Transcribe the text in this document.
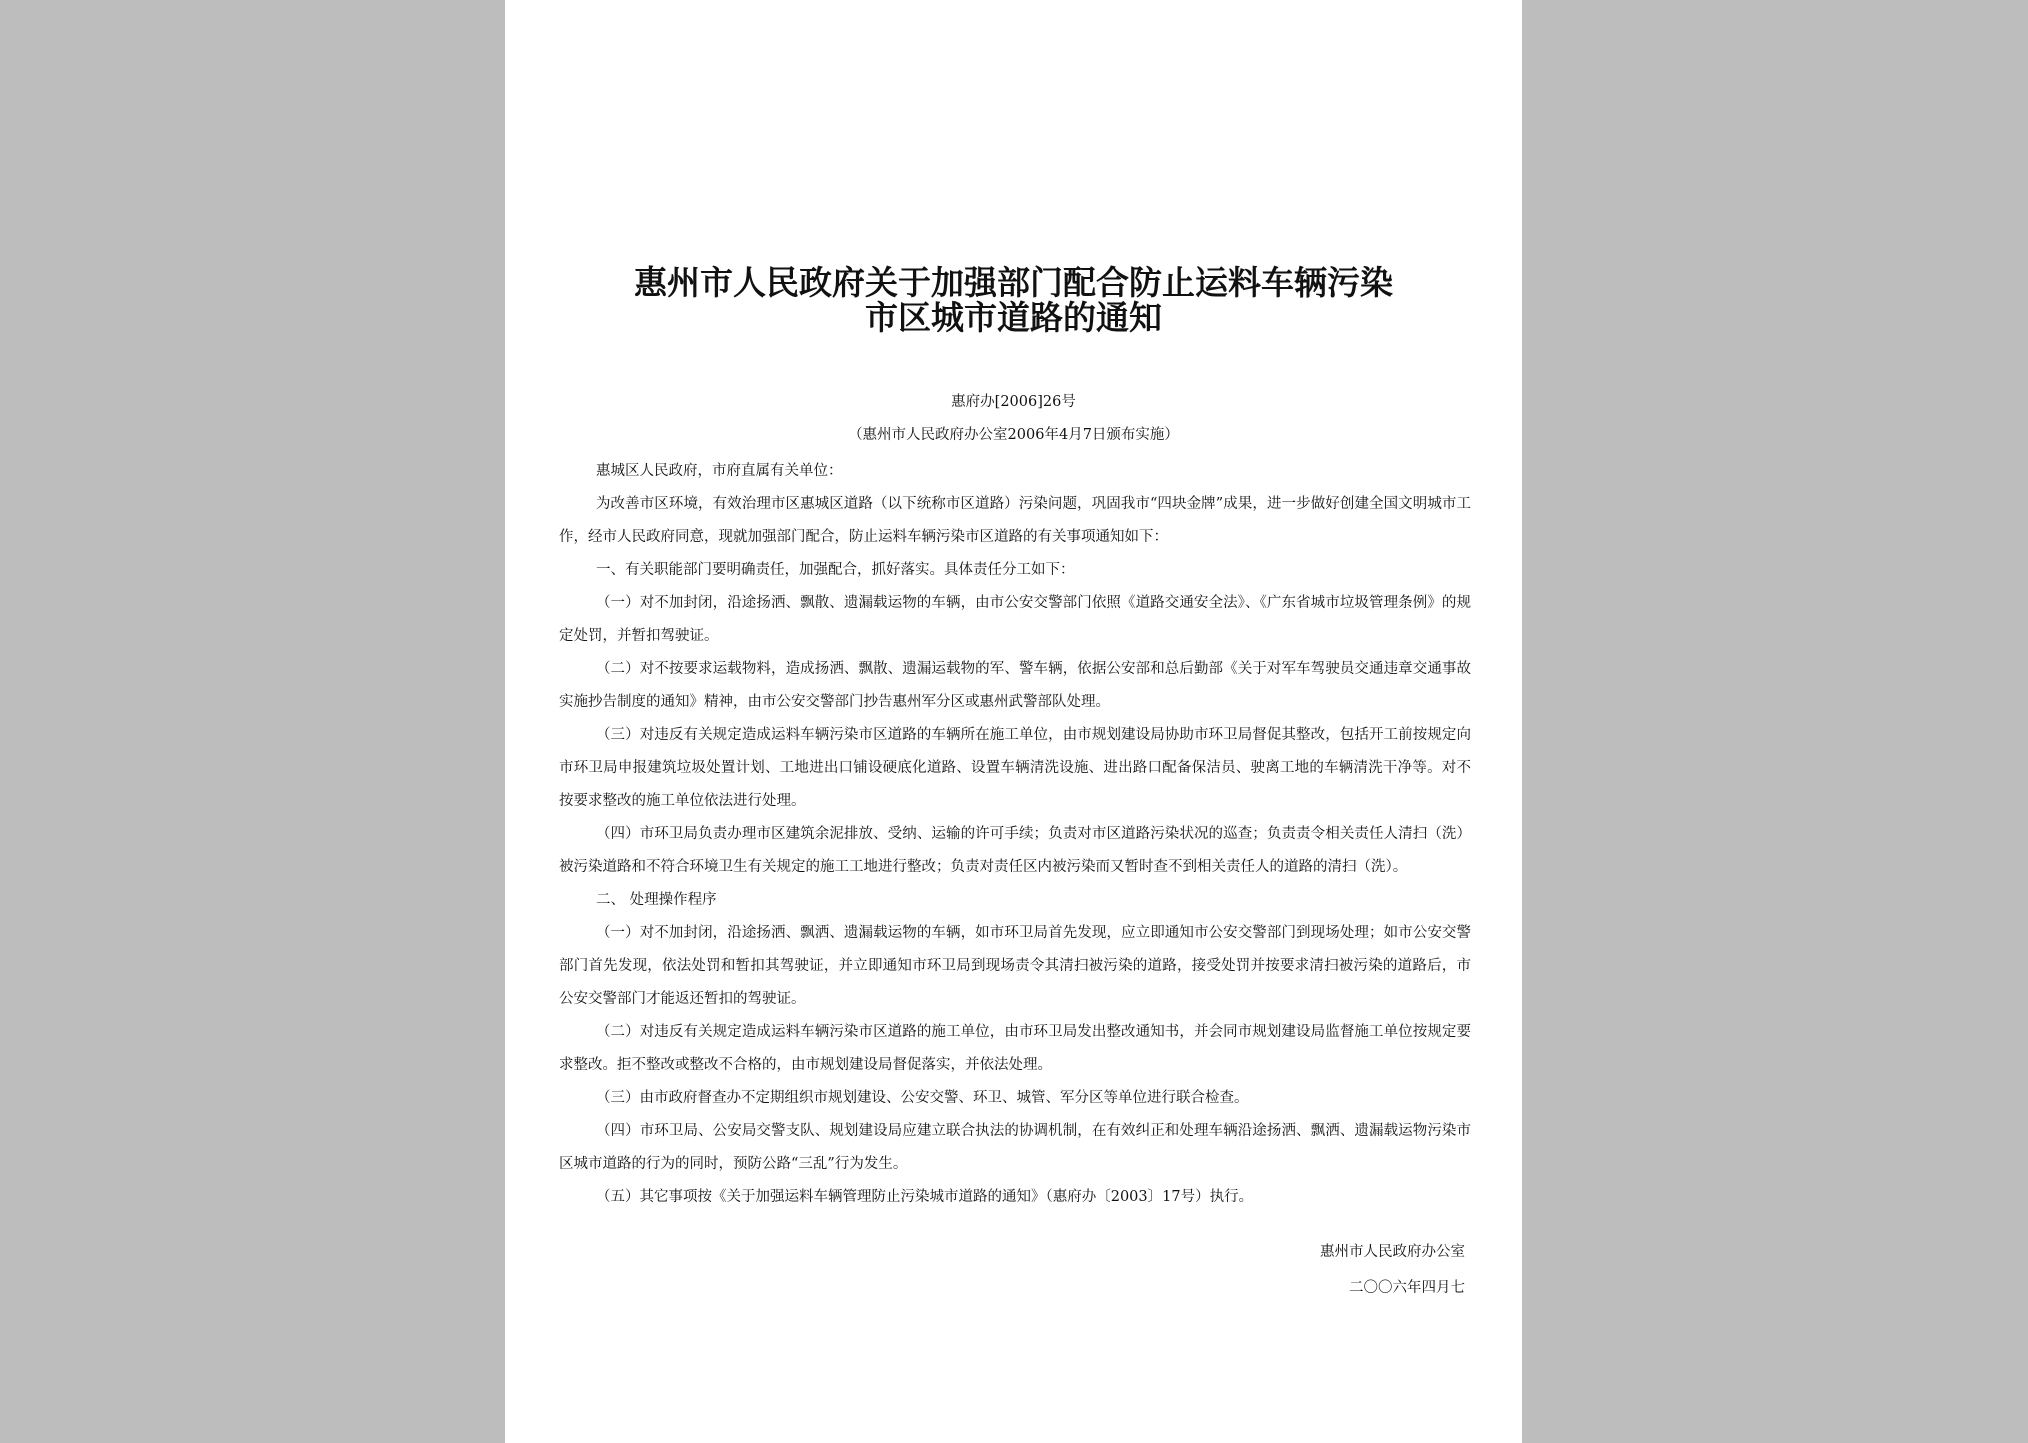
惠州市人民政府关于加强部门配合防止运料车辆污染
市区城市道路的通知
惠府办[2006]26号
（惠州市人民政府办公室2006年4月7日颁布实施）

惠城区人民政府，市府直属有关单位：

为改善市区环境，有效治理市区惠城区道路（以下统称市区道路）污染问题，巩固我市“四块金牌”成果，进一步做好创建全国文明城市工作，经市人民政府同意，现就加强部门配合，防止运料车辆污染市区道路的有关事项通知如下：

一、有关职能部门要明确责任，加强配合，抓好落实。具体责任分工如下：

（一）对不加封闭，沿途扬洒、飘散、遗漏载运物的车辆，由市公安交警部门依照《道路交通安全法》、《广东省城市垃圾管理条例》的规定处罚，并暂扣驾驶证。

（二）对不按要求运载物料，造成扬洒、飘散、遗漏运载物的军、警车辆，依据公安部和总后勤部《关于对军车驾驶员交通违章交通事故实施抄告制度的通知》精神，由市公安交警部门抄告惠州军分区或惠州武警部队处理。

（三）对违反有关规定造成运料车辆污染市区道路的车辆所在施工单位，由市规划建设局协助市环卫局督促其整改，包括开工前按规定向市环卫局申报建筑垃圾处置计划、工地进出口铺设硬底化道路、设置车辆清洗设施、进出路口配备保洁员、驶离工地的车辆清洗干净等。对不按要求整改的施工单位依法进行处理。

（四）市环卫局负责办理市区建筑余泥排放、受纳、运输的许可手续；负责对市区道路污染状况的巡查；负责责令相关责任人清扫（洗）被污染道路和不符合环境卫生有关规定的施工工地进行整改；负责对责任区内被污染而又暂时查不到相关责任人的道路的清扫（洗）。

二、 处理操作程序

（一）对不加封闭，沿途扬洒、飘洒、遗漏载运物的车辆，如市环卫局首先发现，应立即通知市公安交警部门到现场处理；如市公安交警部门首先发现，依法处罚和暂扣其驾驶证，并立即通知市环卫局到现场责令其清扫被污染的道路，接受处罚并按要求清扫被污染的道路后，市公安交警部门才能返还暂扣的驾驶证。

（二）对违反有关规定造成运料车辆污染市区道路的施工单位，由市环卫局发出整改通知书，并会同市规划建设局监督施工单位按规定要求整改。拒不整改或整改不合格的，由市规划建设局督促落实，并依法处理。

（三）由市政府督查办不定期组织市规划建设、公安交警、环卫、城管、军分区等单位进行联合检查。

（四）市环卫局、公安局交警支队、规划建设局应建立联合执法的协调机制，在有效纠正和处理车辆沿途扬洒、飘洒、遗漏载运物污染市区城市道路的行为的同时，预防公路“三乱”行为发生。

（五）其它事项按《关于加强运料车辆管理防止污染城市道路的通知》（惠府办〔2003〕17号）执行。

惠州市人民政府办公室
二〇〇六年四月七
